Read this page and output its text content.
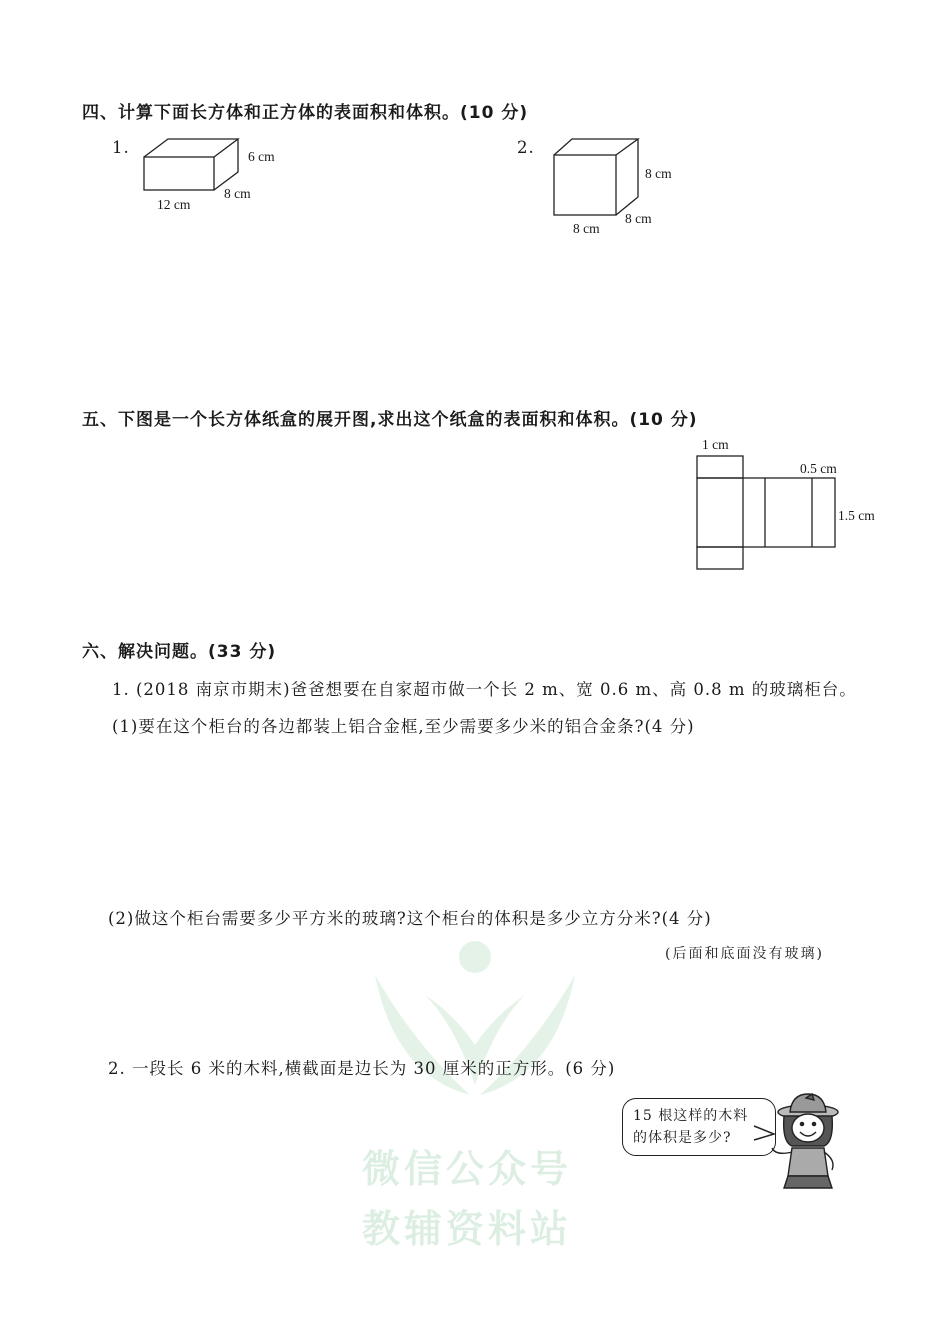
微信公众号
教辅资料站
四、计算下面长方体和正方体的表面积和体积。(10 分)
1.	6 cm
8 cm
12 cm
2.
8 cm
8 cm
8 cm
五、下图是一个长方体纸盒的展开图,求出这个纸盒的表面积和体积。(10 分)
1 cm
0.5 cm
1.5 cm
六、解决问题。(33 分)
1. (2018 南京市期末)爸爸想要在自家超市做一个长 2 m、宽 0.6 m、高 0.8 m 的玻璃柜台。
(1)要在这个柜台的各边都装上铝合金框,至少需要多少米的铝合金条?(4 分)
(2)做这个柜台需要多少平方米的玻璃?这个柜台的体积是多少立方分米?(4 分)
(后面和底面没有玻璃)
2. 一段长 6 米的木料,横截面是边长为 30 厘米的正方形。(6 分)
15 根这样的木料
的体积是多少?
